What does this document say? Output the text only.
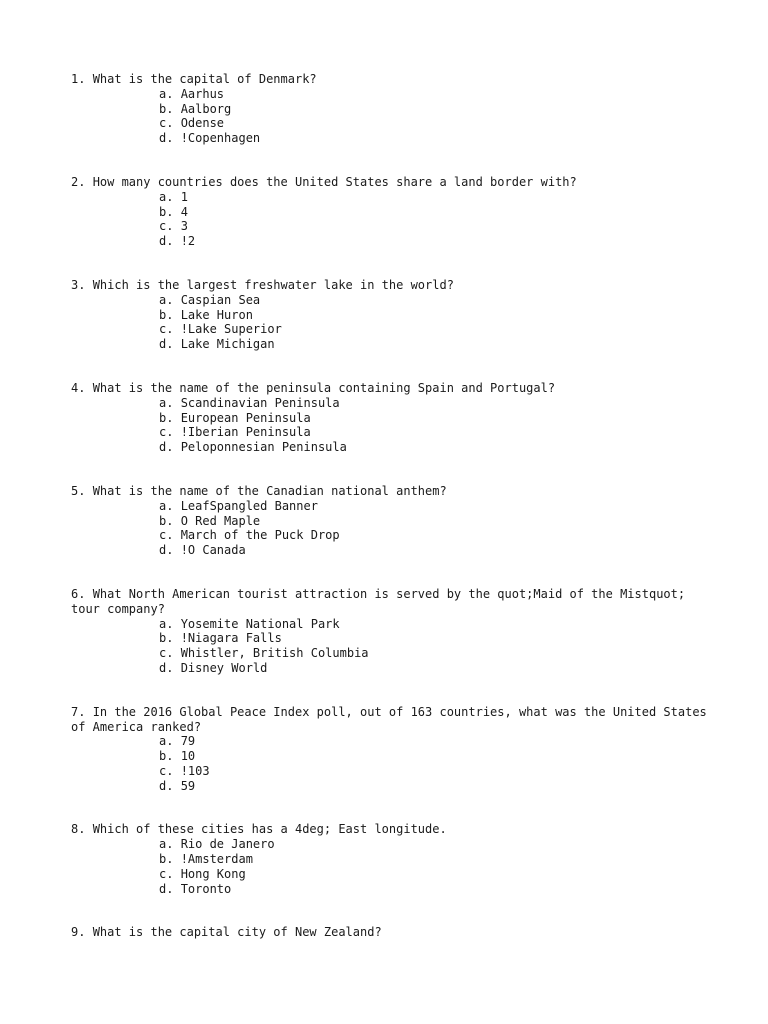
1. What is the capital of Denmark?

a. Aarhus
b. Aalborg
c. Odense
d. !Copenhagen

2. How many countries does the United States share a land border with?

a. 1
b. 4
c. 3
d. !2

3. Which is the largest freshwater lake in the world?

a. Caspian Sea
b. Lake Huron
c. !Lake Superior
d. Lake Michigan

4. What is the name of the peninsula containing Spain and Portugal?

a. Scandinavian Peninsula
b. European Peninsula
c. !Iberian Peninsula
d. Peloponnesian Peninsula

5. What is the name of the Canadian national anthem?

a. LeafSpangled Banner
b. O Red Maple
c. March of the Puck Drop
d. !O Canada

6. What North American tourist attraction is served by the quot;Maid of the Mistquot; tour company?

a. Yosemite National Park
b. !Niagara Falls
c. Whistler, British Columbia
d. Disney World

7. In the 2016 Global Peace Index poll, out of 163 countries, what was the United States of America ranked?

a. 79
b. 10
c. !103
d. 59

8. Which of these cities has a 4deg; East longitude.

a. Rio de Janero
b. !Amsterdam
c. Hong Kong
d. Toronto

9. What is the capital city of New Zealand?
